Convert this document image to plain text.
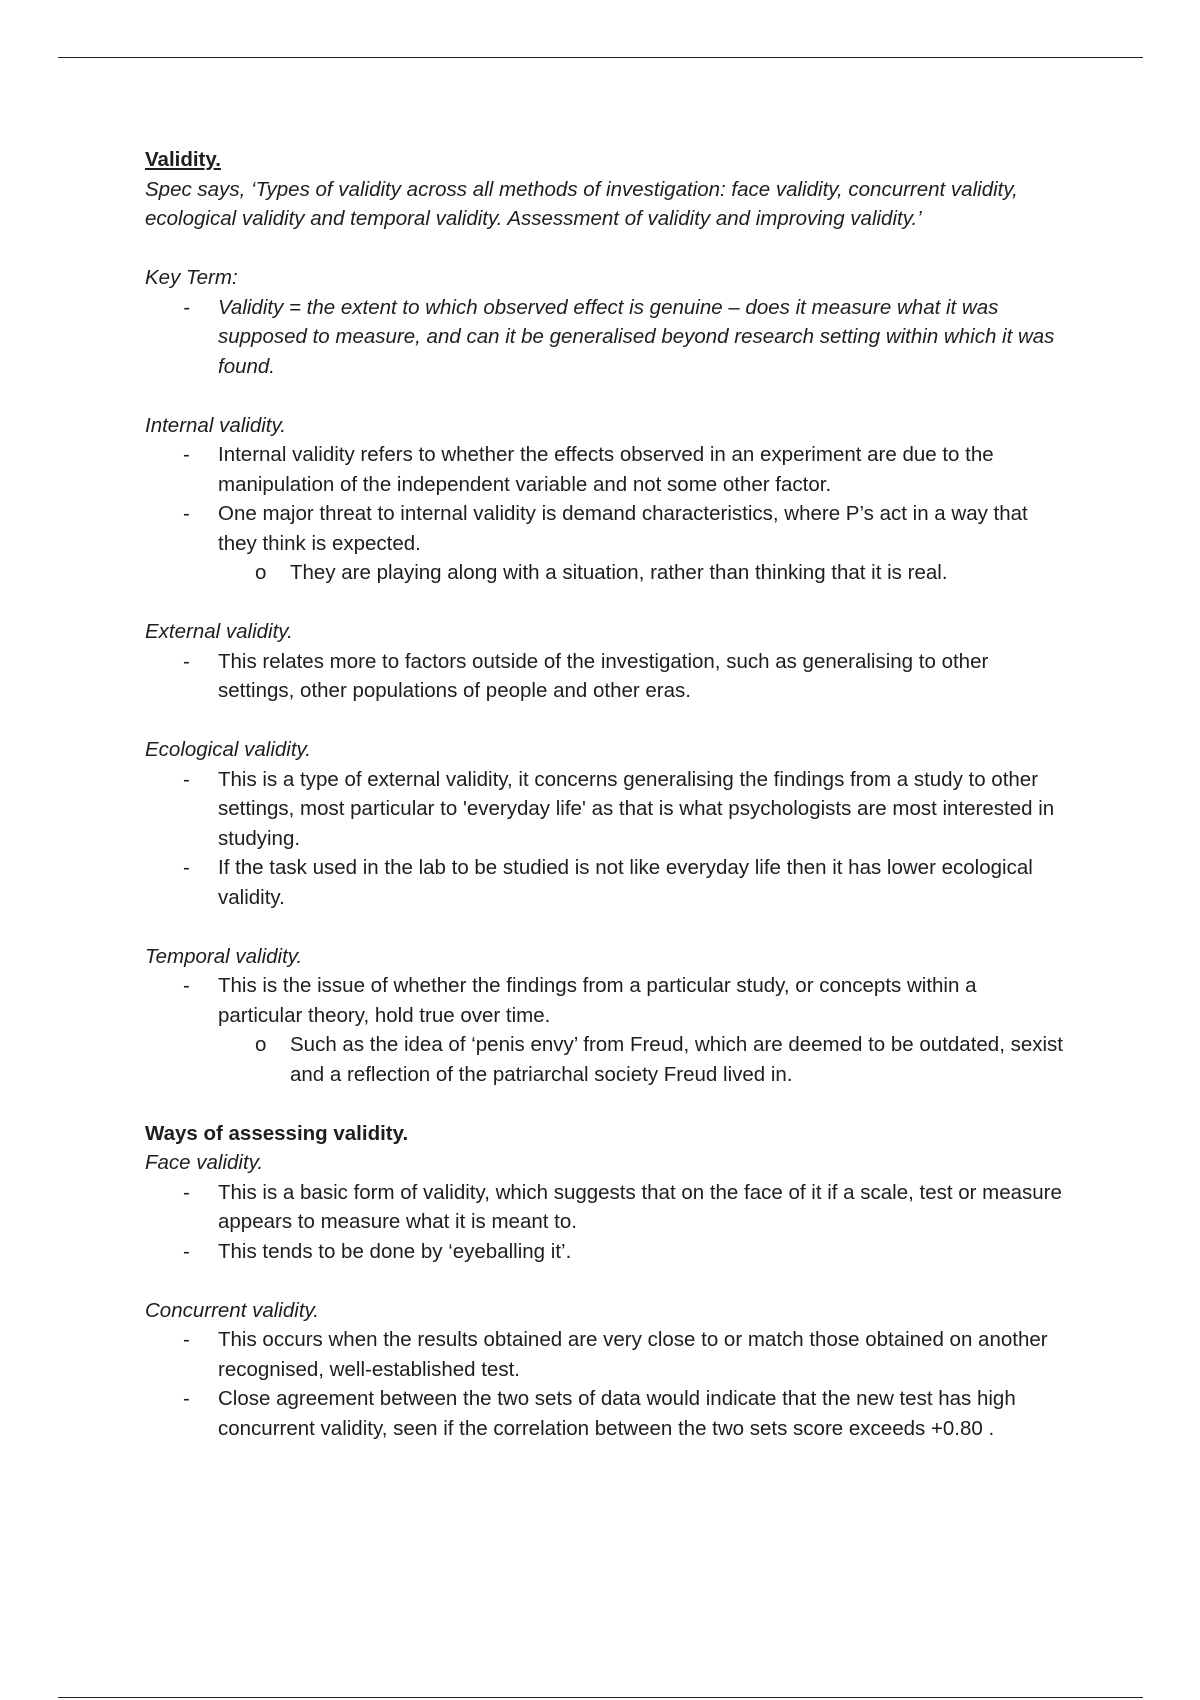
Validity.

Spec says, ‘Types of validity across all methods of investigation: face validity, concurrent validity, ecological validity and temporal validity. Assessment of validity and improving validity.’

Key Term:

- Validity = the extent to which observed effect is genuine – does it measure what it was supposed to measure, and can it be generalised beyond research setting within which it was found.

Internal validity.

- Internal validity refers to whether the effects observed in an experiment are due to the manipulation of the independent variable and not some other factor.
- One major threat to internal validity is demand characteristics, where P’s act in a way that they think is expected.
o They are playing along with a situation, rather than thinking that it is real.

External validity.

- This relates more to factors outside of the investigation, such as generalising to other settings, other populations of people and other eras.

Ecological validity.

- This is a type of external validity, it concerns generalising the findings from a study to other settings, most particular to 'everyday life' as that is what psychologists are most interested in studying.
- If the task used in the lab to be studied is not like everyday life then it has lower ecological validity.

Temporal validity.

- This is the issue of whether the findings from a particular study, or concepts within a particular theory, hold true over time.
o Such as the idea of ‘penis envy’ from Freud, which are deemed to be outdated, sexist and a reflection of the patriarchal society Freud lived in.

Ways of assessing validity.

Face validity.

- This is a basic form of validity, which suggests that on the face of it if a scale, test or measure appears to measure what it is meant to.
- This tends to be done by ‘eyeballing it’.

Concurrent validity.

- This occurs when the results obtained are very close to or match those obtained on another recognised, well-established test.
- Close agreement between the two sets of data would indicate that the new test has high concurrent validity, seen if the correlation between the two sets score exceeds +0.80 .
